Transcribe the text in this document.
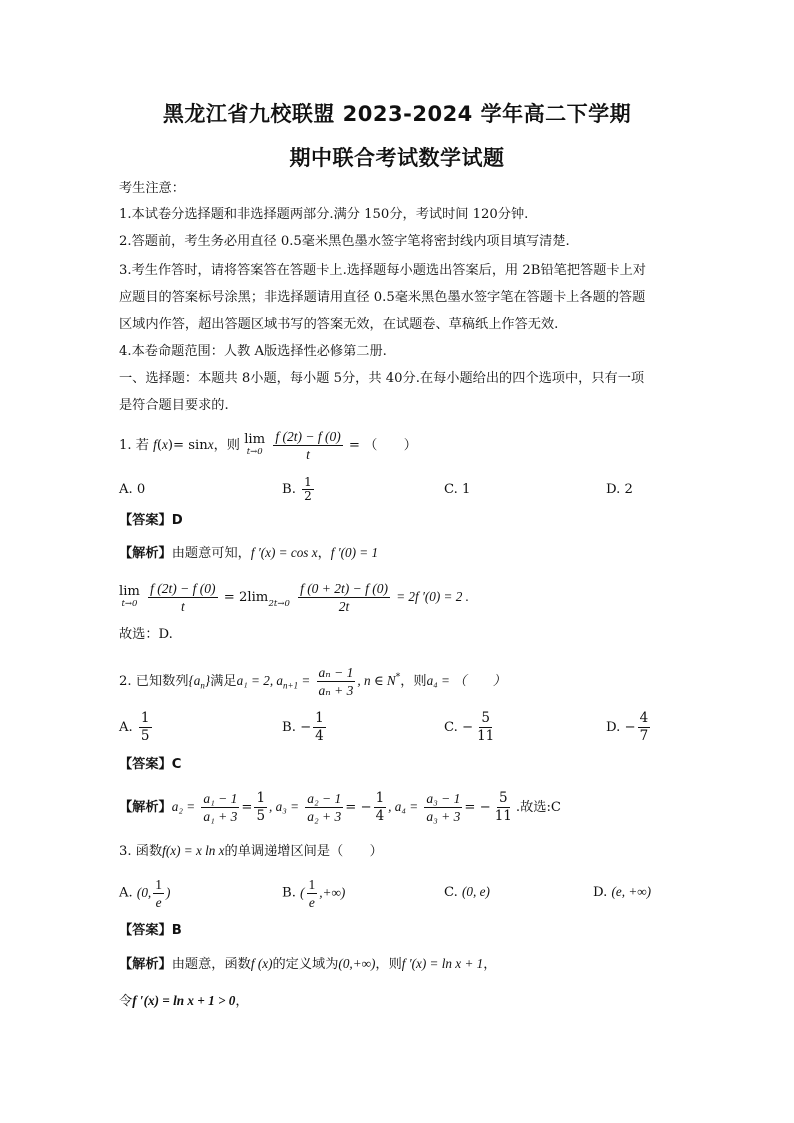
黑龙江省九校联盟 2023-2024 学年高二下学期
期中联合考试数学试题
考生注意：
1.本试卷分选择题和非选择题两部分.满分 150分，考试时间 120分钟.
2.答题前，考生务必用直径 0.5毫米黑色墨水签字笔将密封线内项目填写清楚.
3.考生作答时，请将答案答在答题卡上.选择题每小题选出答案后，用 2B铅笔把答题卡上对
应题目的答案标号涂黑；非选择题请用直径 0.5毫米黑色墨水签字笔在答题卡上各题的答题
区域内作答，超出答题区域书写的答案无效，在试题卷、草稿纸上作答无效.
4.本卷命题范围：人教 A版选择性必修第二册.
一、选择题：本题共 8小题，每小题 5分，共 40分.在每小题给出的四个选项中，只有一项
是符合题目要求的.
1. 若 f(x)= sinx，则 lim
t→0
$\frac{f (2t) - f (0)}{t}$ = （　　）
A. 0	B. $\frac{1}{2}$	C. 1	D. 2
【答案】D
【解析】由题意可知，f ′(x) = cos x，f ′(0) = 1
lim
t→0
$\frac{f (2t) - f (0)}{t} = 2\lim$
2t→0
$\frac{f (0 + 2t) - f (0)}{2t} = 2f$ ′(0) = 2 .
故选：D.
2. 已知数列$\{a_n\}$满足a₁ = 2, $a_{n+1} = \frac{\text{aₙ − 1}}{\text{aₙ + 3}}$ , n ∈ N*，则a₄ = （　　）
A. $\frac{1}{5}$	B. − $\frac{1}{4}$	C. − $\frac{5}{11}$	D. − $\frac{4}{7}$
【答案】C
【解析】$a_2 = \frac{\text{a₁ − 1}}{\text{a₁ + 3}} = \frac{1}{5}$ , $a_3 = \frac{\text{a₂ − 1}}{\text{a₂ + 3}}$ = − $\frac{1}{4}$ , $a_4 = \frac{\text{a₃ − 1}}{\text{a₃ + 3}}$ = − $\frac{5}{11}$ .故选:C
3. 函数f(x) = x ln x的单调递增区间是（　　）
A. (0, $\frac{1}{e}$ )	B. ( $\frac{1}{e}$ ,+∞)	C. (0, e)	D. (e, +∞)
【答案】B
【解析】由题意，函数f (x)的定义域为(0,+∞)，则f ′(x) = ln x + 1，
令f ′(x) = ln x + 1 > 0，
